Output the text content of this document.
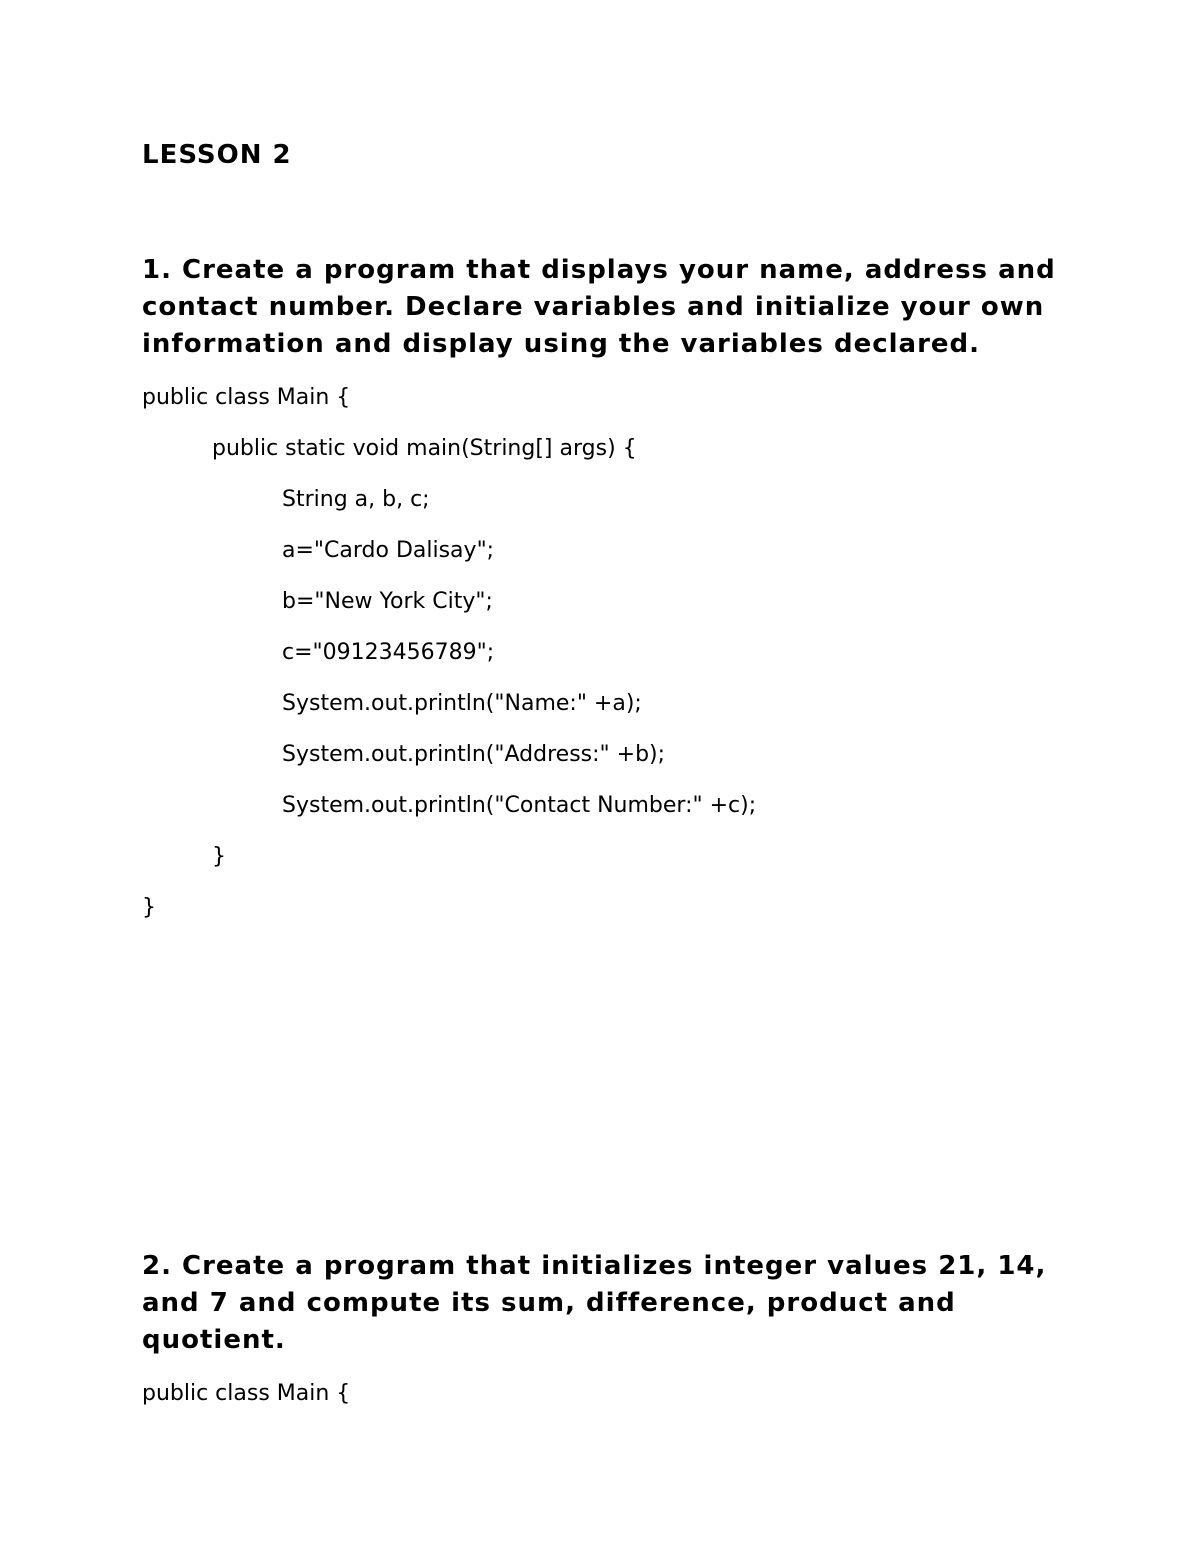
LESSON 2
1. Create a program that displays your name, address and
contact number. Declare variables and initialize your own
information and display using the variables declared.
public class Main {
public static void main(String[] args) {
String a, b, c;
a="Cardo Dalisay";
b="New York City";
c="09123456789";
System.out.println("Name:" +a);
System.out.println("Address:" +b);
System.out.println("Contact Number:" +c);
}
}
2. Create a program that initializes integer values 21, 14,
and 7 and compute its sum, difference, product and
quotient.
public class Main {
